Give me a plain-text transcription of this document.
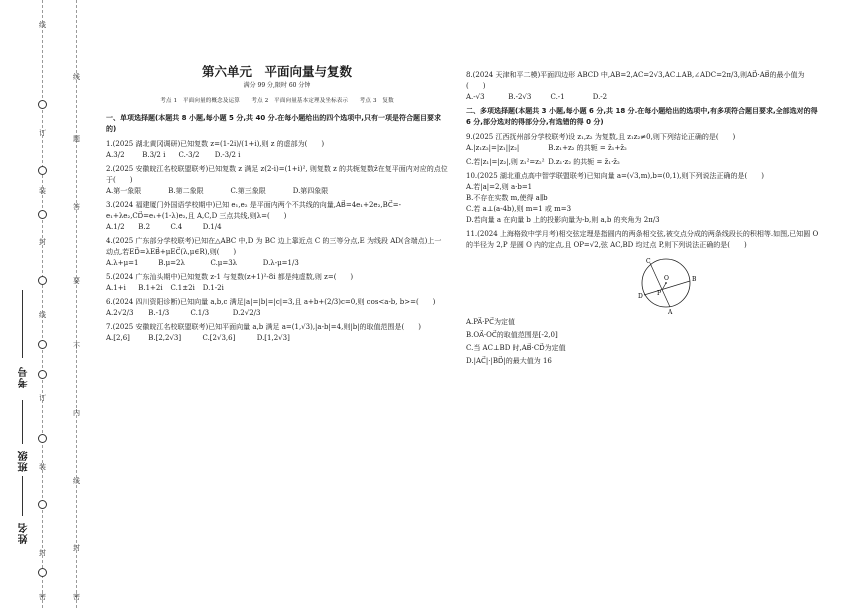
线
订
装
封
线
订
装
封
密
线
题
答
要
不
内
线
封
密
考号
班级
姓名
第六单元　平面向量与复数
满分 99 分,限时 60 分钟
考点 1　平面向量的概念及运算　　考点 2　平面向量基本定理及坐标表示　　考点 3　复数

一、单项选择题(本题共 8 小题,每小题 5 分,共 40 分.在每小题给出的四个选项中,只有一项是符合题目要求的)

1.(2025 湖北黄冈调研)已知复数 z=(1-2i)/(1+i),则 z 的虚部为(　　)

A.3/2	B.3/2 i C.-3/2 D.-3/2 i

2.(2025 安徽皖江名校联盟联考)已知复数 z 满足 z(2-i)=(1+i)², 则复数 z 的共轭复数z̄在复平面内对应的点位于(　　)

A.第一象限	B.第二象限	C.第三象限	D.第四象限

3.(2024 福建厦门外国语学校期中)已知 e₁,e₂ 是平面内两个不共线的向量,AB⃗=4e₁+2e₂,BC⃗=-e₁+λe₂,CD⃗=e₁+(1-λ)e₂,且 A,C,D 三点共线,则λ=(　　)

A.1/2 B.2	C.4	D.1/4

4.(2025 广东部分学校联考)已知在△ABC 中,D 为 BC 边上靠近点 C 的三等分点,E 为线段 AD(含端点)上一动点,若ED⃗=λEB⃗+μEC⃗(λ,μ∈R),则(　　)

A.λ+μ=1	B.μ=2λ	C.μ=3λ	D.λ-μ=1/3

5.(2024 广东汕头期中)已知复数 z-1 与复数(z+1)²-8i 都是纯虚数,则 z=(　　)

A.1+i B.1+2i C.1±2i D.1-2i

6.(2024 四川资阳诊断)已知向量 a,b,c 满足|a|=|b|=|c|=3,且 a+b+(2/3)c=0,则 cos<a-b, b>=(　　)

A.2√2/3 B.-1/3	C.1/3	D.2√2/3

7.(2025 安徽皖江名校联盟联考)已知平面向量 a,b 满足 a=(1,√3),|a-b|=4,则|b|的取值范围是(　　)

A.[2,6]	B.[2,2√3]	C.[2√3,6]	D.[1,2√3]

8.(2024 天津和平二模)平面四边形 ABCD 中,AB=2,AC=2√3,AC⊥AB,∠ADC=2π/3,则AD⃗·AB⃗的最小值为　(　　)

A.-√3	B.-2√3	C.-1	D.-2

二、多项选择题(本题共 3 小题,每小题 6 分,共 18 分.在每小题给出的选项中,有多项符合题目要求,全部选对的得 6 分,部分选对的得部分分,有选错的得 0 分)

9.(2025 江西抚州部分学校联考)设 z₁,z₂ 为复数,且 z₁z₂≠0,则下列结论正确的是(　　)

A.|z₁z₂|=|z₁||z₂|	B.z₁+z₂ 的共轭 = z̄₁+z̄₂
C.若|z₁|=|z₂|,则 z₁²=z₂² D.z₁·z₂ 的共轭 = z̄₁·z̄₂

10.(2025 湖北重点高中智学联盟联考)已知向量 a=(√3,m),b=(0,1),则下列说法正确的是(　　)

A.若|a|=2,则 a·b=1

B.不存在实数 m,使得 a∥b

C.若 a⊥(a-4b),则 m=1 或 m=3

D.若向量 a 在向量 b 上的投影向量为-b,则 a,b 的夹角为 2π/3

11.(2024 上海格致中学月考)相交弦定理是指圆内的两条相交弦,被交点分成的两条线段长的积相等.如图,已知圆 O 的半径为 2,P 是圆 O 内的定点,且 OP=√2,弦 AC,BD 均过点 P,则下列说法正确的是(　　)

C
O
P
D
B
A

A.PA⃗·PC⃗为定值

B.OA⃗·OC⃗的取值范围是[-2,0]

C.当 AC⊥BD 时,AB⃗·CD⃗为定值

D.|AC⃗|·|BD⃗|的最大值为 16
